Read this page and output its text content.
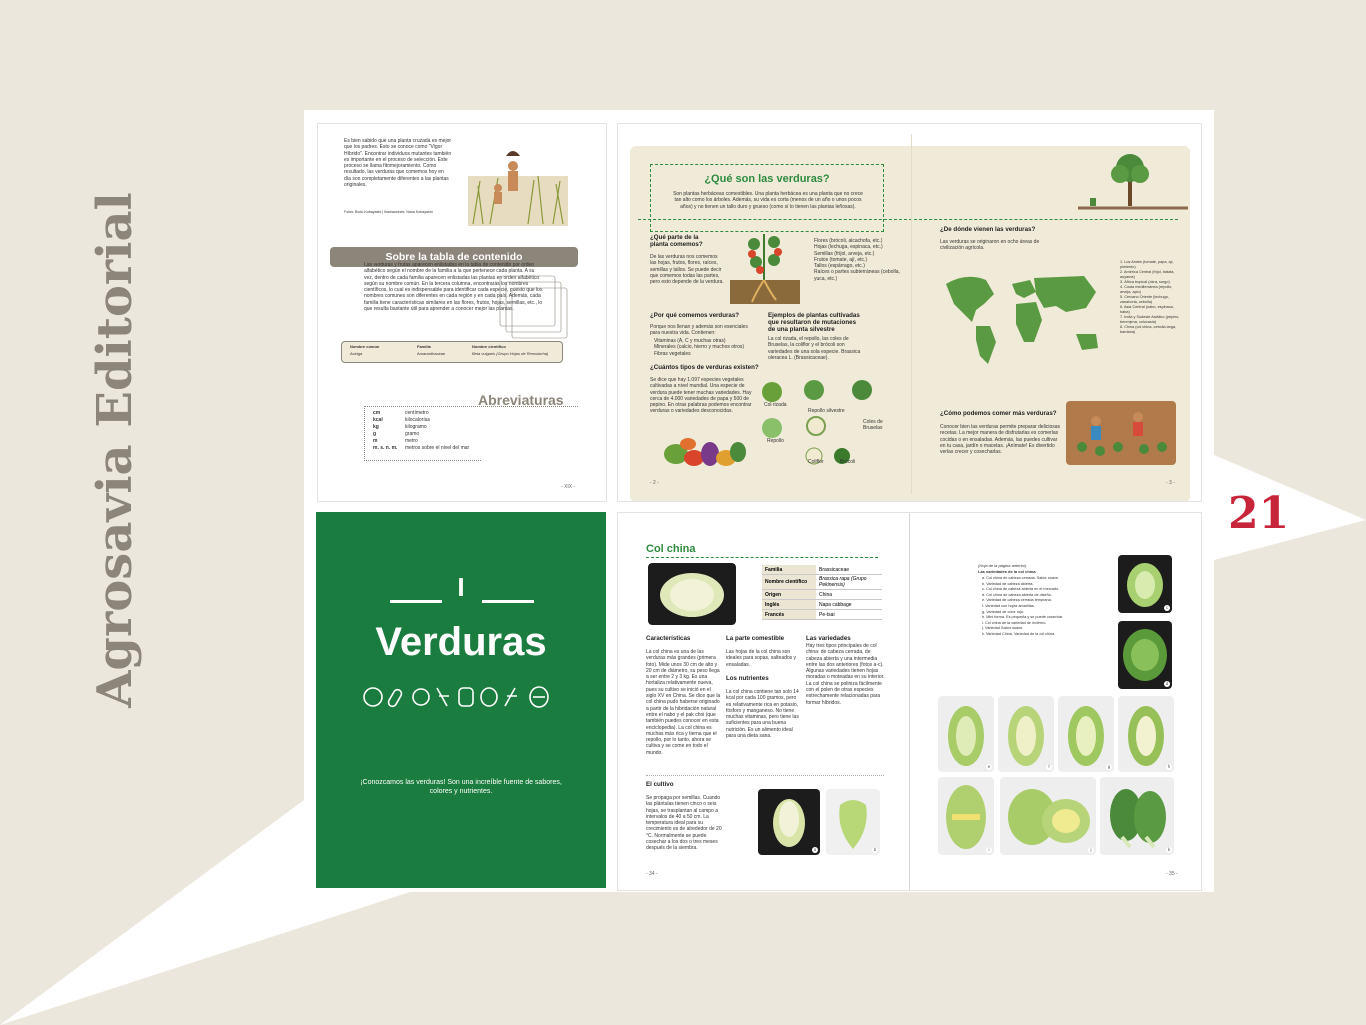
Agrosavia Editorial	21
Es bien sabido que una planta cruzada es mejor que los padres. Esto se conoce como "Vigor Híbrido". Encontrar individuos mutantes también es importante en el proceso de selección. Este proceso se llama fitomejoramiento. Como resultado, las verduras que comemos hoy en día son completamente diferentes a las plantas originales.
Fotos: Bodo Kobayashi | Ilustraciones: Nana Kobayashi
Sobre la tabla de contenido
Las verduras y frutas aparecen enlistadas en la tabla de contenido por orden alfabético según el nombre de la familia a la que pertenece cada planta. A su vez, dentro de cada familia aparecen enlistadas las plantas en orden alfabético según su nombre común. En la tercera columna, encontrarás los nombres científicos, lo cual es indispensable para identificar cada especie, puesto que los nombres comunes son diferentes en cada región y en cada país. Además, cada familia tiene características similares en las flores, frutos, hojas, semillas, etc., lo que resulta bastante útil para aprender a conocer mejor las plantas.
Nombre común	Familia	Nombre científico
Acelga	Amaranthaceae	Beta vulgaris (Grupo Hojas de Remolacha)
Abreviaturas
cm	centímetro
kcal	kilocalorías
kg	kilogramo
g	gramo
m	metro
m. s. n. m. metros sobre el nivel del mar
- XIX -
¿Qué son las verduras?
Son plantas herbáceas comestibles. Una planta herbácea es una planta que no crece tan alto como los árboles. Además, su vida es corta (menos de un año o unos pocos años) y no tienen un tallo duro y grueso (como sí lo tienen las plantas leñosas).
¿Qué parte de la planta comemos?
De las verduras nos comemos las hojas, frutos, flores, raíces, semillas y tallos. Se puede decir que comemos todas las partes, pero esto depende de la verdura.
Flores (brócoli, alcachofa, etc.)
Hojas (lechuga, espinaca, etc.)
Semillas (fríjol, arveja, etc.)
Frutos (tomate, ají, etc.)
Tallos (espárrago, etc.)
Raíces o partes subterráneas (cebolla, yuca, etc.)
¿Por qué comemos verduras?
Porque nos llenan y además son esenciales para nuestra vida. Contienen:
Vitaminas (A, C y muchas otras)
Minerales (calcio, hierro y muchos otros)
Fibras vegetales
¿Cuántos tipos de verduras existen?
Se dice que hay 1.097 especies vegetales cultivadas a nivel mundial. Una especie de verdura puede tener muchas variedades. Hay cerca de 4.000 variedades de papa y 500 de pepino. En otras palabras podemos encontrar verduras o variedades desconocidas.
Ejemplos de plantas cultivadas que resultaron de mutaciones de una planta silvestre
La col rizada, el repollo, las coles de Bruselas, la coliflor y el brócoli son variedades de una sola especie. Brassica oleracea L. (Brassicaceae).
Col rizada
Repollo silvestre
Coles de Bruselas
Repollo
Coliflor	Brócoli
¿De dónde vienen las verduras?
Las verduras se originaron en ocho áreas de civilización agrícola.
1. Los Andes (tomate, papa, ají, pimiento)
2. América Central (fríjol, batata, auyama)
3. África tropical (okra, sorgo)
4. Costa mediterránea (repollo, arveja, apio)
5. Cercano Oriente (lechuga, zanahoria, cebolla)
6. Asia Central (nabo, espinaca, haba)
7. India y Sudeste Asiático (pepino, berenjena, colocasia)
8. China (col china, cebolla larga, bardana)
¿Cómo podemos comer más verduras?
Conocer bien las verduras permite preparar deliciosas recetas. La mejor manera de disfrutarlas es comerlas cocidas o en ensaladas. Además, las puedes cultivar en tu casa, jardín o macetas. ¡Anímate! Es divertido verlas crecer y cosecharlas.
- 2 -	- 3 -
I
Verduras
¡Conozcamos las verduras! Son una increíble fuente de sabores, colores y nutrientes.
Col china
Familia	Brassicaceae
Nombre científico	Brassica rapa (Grupo Pekinensis)
Origen	China
Inglés	Napa cabbage
Francés	Pe-tsai
Características
La col china es una de las verduras más grandes (primera foto). Mide unos 30 cm de alto y 20 cm de diámetro, su peso llega a ser entre 2 y 3 kg. Es una hortaliza relativamente nueva, pues su cultivo se inició en el siglo XV en China. Se dice que la col china pudo haberse originado a partir de la hibridación natural entre el nabo y el pak choi (que también puedes conocer en esta enciclopedia). La col china es muchas más rica y tierna que el repollo, por lo tanto, ahora se cultiva y se come en todo el mundo.
La parte comestible
Las hojas de la col china son ideales para sopas, salteados y ensaladas.
Los nutrientes
La col china contiene tan solo 14 kcal por cada 100 gramos, pero es relativamente rica en potasio, fósforo y manganeso. No tiene muchas vitaminas, pero tiene las suficientes para una buena nutrición. Es un alimento ideal para una dieta sana.
Las variedades
Hay tres tipos principales de col china: de cabeza cerrada, de cabeza abierta y una intermedia entre las dos anteriores (fotos a-c). Algunas variedades tienen hojas moradas o moteadas en su interior. La col china se poliniza fácilmente con el polen de otras especies estrechamente relacionadas para formar híbridos.
El cultivo
Se propaga por semillas. Cuando las plántulas tienen cinco o seis hojas, se trasplantan al campo a intervalos de 40 a 50 cm. La temperatura ideal para su crecimiento es de alrededor de 20 °C. Normalmente se puede cosechar a los dos o tres meses después de la siembra.	a	b
- 34 -
(Hoja de la página anterior)
Las variedades de la col china
a. Col china de cabeza cerrada. Sabor suave.
b. Variedad de cabeza abierta.
c. Col china de cabeza abierta en el mercado.
d. Col china de cabeza abierta de diseño.
e. Variedad de cabeza cerrada temprana.
f. Variedad con hojas amarillas.
g. Variedad de color rojo.
h. Mini forma. Es pequeña y se puede cosechar.
i. Col china de la variedad de invierno.
j. Variedad Sabor suave.
k. Variedad China. Variedad de la col china.
c
d
e	f	g	h
i	j	k
- 35 -
